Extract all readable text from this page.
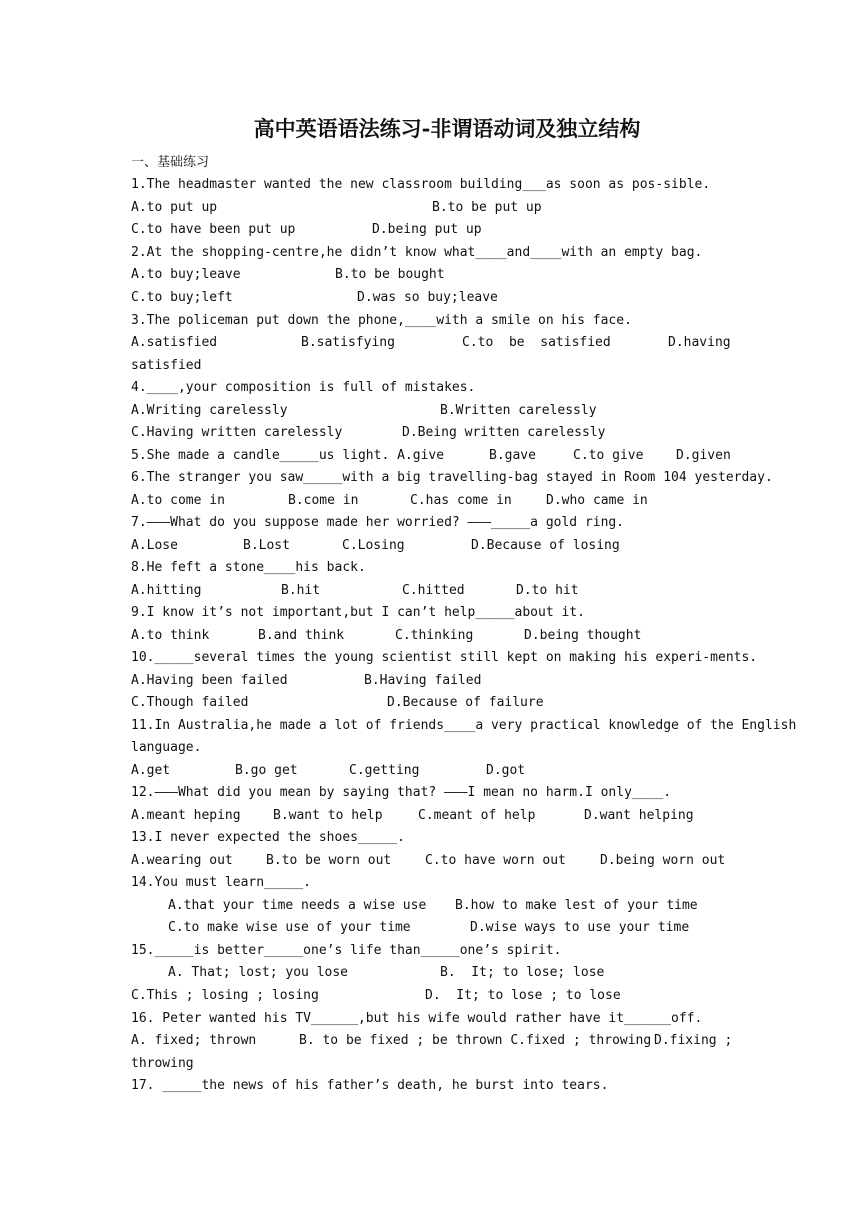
高中英语语法练习-非谓语动词及独立结构
一、基础练习
1.The headmaster wanted the new classroom building___as soon as pos-sible.
A.to put up	B.to be put up
C.to have been put up	D.being put up
2.At the shopping-centre,he didn’t know what____and____with an empty bag.
A.to buy;leave	B.to be bought
C.to buy;left	D.was so buy;leave
3.The policeman put down the phone,____with a smile on his face.
A.satisfied	B.satisfying	C.to  be  satisfied	D.having
satisfied
4.____,your composition is full of mistakes.
A.Writing carelessly	B.Written carelessly
C.Having written carelessly	D.Being written carelessly
5.She made a candle_____us light. A.give	B.gave	C.to give	D.given
6.The stranger you saw_____with a big travelling-bag stayed in Room 104 yesterday.
A.to come in	B.come in	C.has come in	D.who came in
7.———What do you suppose made her worried? ———_____a gold ring.
A.Lose	B.Lost	C.Losing	D.Because of losing
8.He feft a stone____his back.
A.hitting	B.hit	C.hitted	D.to hit
9.I know it’s not important,but I can’t help_____about it.
A.to think	B.and think	C.thinking	D.being thought
10._____several times the young scientist still kept on making his experi-ments.
A.Having been failed	B.Having failed
C.Though failed	D.Because of failure
11.In Australia,he made a lot of friends____a very practical knowledge of the English
language.
A.get	B.go get	C.getting	D.got
12.———What did you mean by saying that? ———I mean no harm.I only____.
A.meant heping B.want to help	C.meant of help	D.want helping
13.I never expected the shoes_____.
A.wearing out	B.to be worn out	C.to have worn out	D.being worn out
14.You must learn_____.
A.that your time needs a wise use B.how to make lest of your time
C.to make wise use of your time	D.wise ways to use your time
15._____is better_____one’s life than_____one’s spirit.
A. That; lost; you lose	B.  It; to lose; lose
C.This ; losing ; losing	D.  It; to lose ; to lose
16. Peter wanted his TV______,but his wife would rather have it______off.
A. fixed; thrown	B. to be fixed ; be thrown C.fixed ; throwing D.fixing ;
throwing
17. _____the news of his father’s death, he burst into tears.
